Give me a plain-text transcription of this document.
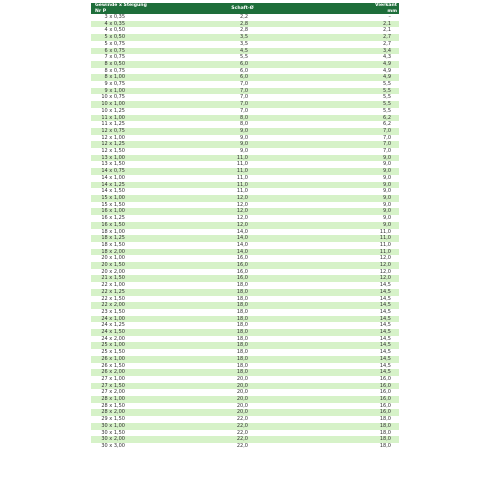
Gewinde x Steigung
Nr P	Schaft-Ø	Vierkant
mm

3 x 0,35	2,2	–
4 x 0,35	2,8	2,1
4 x 0,50	2,8	2,1
5 x 0,50	3,5	2,7
5 x 0,75	3,5	2,7
6 x 0,75	4,5	3,4
7 x 0,75	5,5	4,3
8 x 0,50	6,0	4,9
8 x 0,75	6,0	4,9
8 x 1,00	6,0	4,9
9 x 0,75	7,0	5,5
9 x 1,00	7,0	5,5
10 x 0,75	7,0	5,5
10 x 1,00	7,0	5,5
10 x 1,25	7,0	5,5
11 x 1,00	8,0	6,2
11 x 1,25	8,0	6,2
12 x 0,75	9,0	7,0
12 x 1,00	9,0	7,0
12 x 1,25	9,0	7,0
12 x 1,50	9,0	7,0
13 x 1,00	11,0	9,0
13 x 1,50	11,0	9,0
14 x 0,75	11,0	9,0
14 x 1,00	11,0	9,0
14 x 1,25	11,0	9,0
14 x 1,50	11,0	9,0
15 x 1,00	12,0	9,0
15 x 1,50	12,0	9,0
16 x 1,00	12,0	9,0
16 x 1,25	12,0	9,0
16 x 1,50	12,0	9,0
18 x 1,00	14,0	11,0
18 x 1,25	14,0	11,0
18 x 1,50	14,0	11,0
18 x 2,00	14,0	11,0
20 x 1,00	16,0	12,0
20 x 1,50	16,0	12,0
20 x 2,00	16,0	12,0
21 x 1,50	16,0	12,0
22 x 1,00	18,0	14,5
22 x 1,25	18,0	14,5
22 x 1,50	18,0	14,5
22 x 2,00	18,0	14,5
23 x 1,50	18,0	14,5
24 x 1,00	18,0	14,5
24 x 1,25	18,0	14,5
24 x 1,50	18,0	14,5
24 x 2,00	18,0	14,5
25 x 1,00	18,0	14,5
25 x 1,50	18,0	14,5
26 x 1,00	18,0	14,5
26 x 1,50	18,0	14,5
26 x 2,00	18,0	14,5
27 x 1,00	20,0	16,0
27 x 1,50	20,0	16,0
27 x 2,00	20,0	16,0
28 x 1,00	20,0	16,0
28 x 1,50	20,0	16,0
28 x 2,00	20,0	16,0
29 x 1,50	22,0	18,0
30 x 1,00	22,0	18,0
30 x 1,50	22,0	18,0
30 x 2,00	22,0	18,0
30 x 3,00	22,0	18,0
